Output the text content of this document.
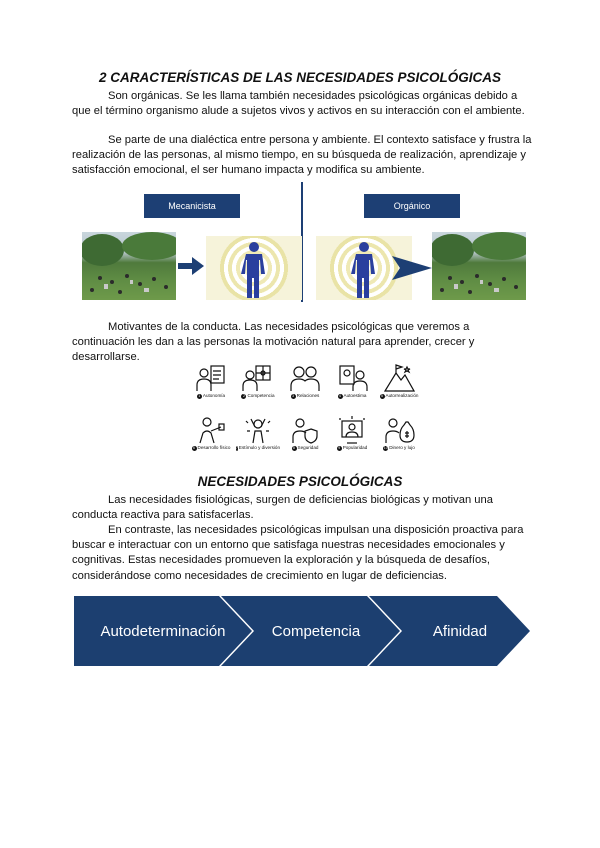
2 CARACTERÍSTICAS DE LAS NECESIDADES PSICOLÓGICAS
Son orgánicas. Se les llama también necesidades psicológicas orgánicas debido a que el término organismo alude a sujetos vivos y activos en su interacción con el ambiente.
Se parte de una dialéctica entre persona y ambiente. El contexto satisface y frustra la realización de las personas, al mismo tiempo, en su búsqueda de realización, aprendizaje y satisfacción emocional, el ser humano impacta y modifica su ambiente.
Mecanicista	Orgánico
Motivantes de la conducta. Las necesidades psicológicas que veremos a continuación les dan a las personas la motivación natural para aprender, crecer y desarrollarse.
1 Autonomía	2 Competencia	3 Relaciones	4 Autoestima	5 Autorrealización
6 Desarrollo físico 7 Estímulo y diversión	8 Seguridad	9 Popularidad	10 Dinero y lujo
NECESIDADES PSICOLÓGICAS
Las necesidades fisiológicas, surgen de deficiencias biológicas y motivan una conducta reactiva para satisfacerlas.
En contraste, las necesidades psicológicas impulsan una disposición proactiva para buscar e interactuar con un entorno que satisfaga nuestras necesidades emocionales y cognitivas. Estas necesidades promueven la exploración y la búsqueda de desafíos, considerándose como necesidades de crecimiento en lugar de deficiencias.
Autodeterminación	Competencia	Afinidad
